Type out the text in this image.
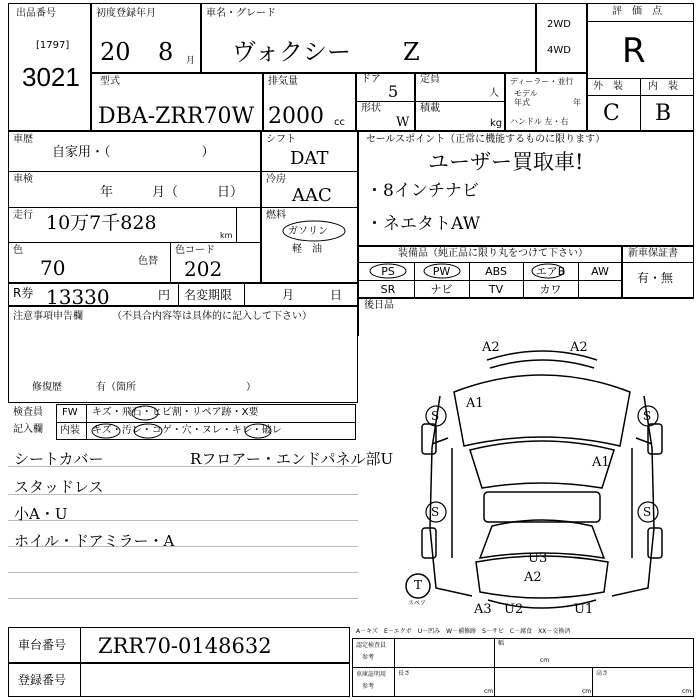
出品番号
[1797]
3021
初度登録年月
20 8 月
車名・グレード
ヴォクシー Z
2WD
4WD
評　価　点
R
外　装	内　装
C B
型式
DBA-ZRR70W
排気量
2000 cc
ドア
5
形状
W
定員
人
積載
kg
ディーラー・並行
モデル
年式	年
ハンドル 左・右
車歴
自家用・（　　　　　　　）
車検
年　　　月（　　　日）
走行 10万7千828
km
色
70	色替
色コード
202
シフト
DAT
冷房
AAC
燃料
ガソリン
軽　油
セールスポイント（正常に機能するものに限ります）
ユーザー買取車!
・8インチナビ
・ネエタトAW
装備品（純正品に限り丸をつけて下さい）
PS	PW	ABS	エアB	AW
SR	ナビ	TV	カワ
新車保証書
有・無
後日品
R券 13330	円 名変期限	月　　　日
注意事項申告欄	（不具合内容等は具体的に記入して下さい）
修復歴	有（箇所　　　　　　　　　　　）
検査員
記入欄
FW キズ・飛石・ヒビ割・リペア跡・X要
内装 キズ・汚レ・コゲ・穴・ヌレ・キレ・破レ
シートカバー
スタッドレス
小A・U
ホイル・ドアミラー・A
Rフロアー・エンドパネル部U
A2	A2
A1
A1
U3
A2
A3 U2	U1
S	S
S	S
T
スペア
車台番号 ZRR70-0148632
登録番号
A－キズ　E－エクボ　U－凹み　W－補修跡　S－サビ　C－腐食　XX－交換済
認定検査員
参考
車庫証明用
参考
長さ
cm
幅
cm
高さ
cm
cm
